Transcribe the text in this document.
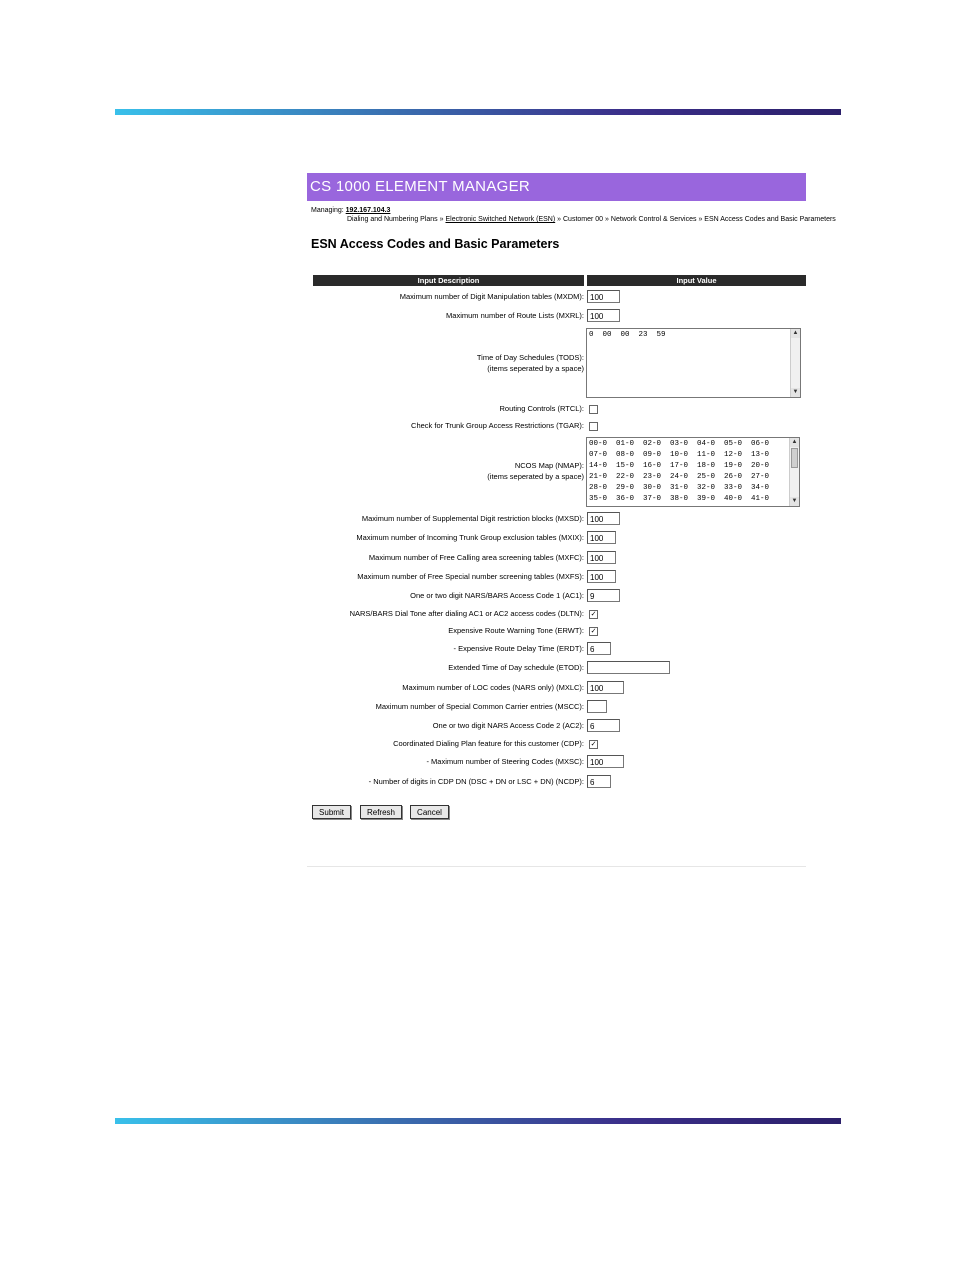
CS 1000 ELEMENT MANAGER
Managing: 192.167.104.3
Dialing and Numbering Plans » Electronic Switched Network (ESN) » Customer 00 » Network Control & Services » ESN Access Codes and Basic Parameters
ESN Access Codes and Basic Parameters
Input Description	Input Value
Maximum number of Digit Manipulation tables (MXDM): 100
Maximum number of Route Lists (MXRL): 100
Time of Day Schedules (TODS):
(items seperated by a space)
0  00  00  23  59	▲
▼
Routing Controls (RTCL):
Check for Trunk Group Access Restrictions (TGAR):
NCOS Map (NMAP):
(items seperated by a space)
00-0  01-0  02-0  03-0  04-0  05-0  06-0
07-0  08-0  09-0  10-0  11-0  12-0  13-0
14-0  15-0  16-0  17-0  18-0  19-0  20-0
21-0  22-0  23-0  24-0  25-0  26-0  27-0
28-0  29-0  30-0  31-0  32-0  33-0  34-0
35-0  36-0  37-0  38-0  39-0  40-0  41-0
▲
▼
Maximum number of Supplemental Digit restriction blocks (MXSD): 100
Maximum number of Incoming Trunk Group exclusion tables (MXIX): 100
Maximum number of Free Calling area screening tables (MXFC): 100
Maximum number of Free Special number screening tables (MXFS): 100
One or two digit NARS/BARS Access Code 1 (AC1): 9
NARS/BARS Dial Tone after dialing AC1 or AC2 access codes (DLTN): ✓
Expensive Route Warning Tone (ERWT): ✓
- Expensive Route Delay Time (ERDT): 6
Extended Time of Day schedule (ETOD):
Maximum number of LOC codes (NARS only) (MXLC): 100
Maximum number of Special Common Carrier entries (MSCC):
One or two digit NARS Access Code 2 (AC2): 6
Coordinated Dialing Plan feature for this customer (CDP): ✓
- Maximum number of Steering Codes (MXSC): 100
- Number of digits in CDP DN (DSC + DN or LSC + DN) (NCDP): 6
Submit	Refresh	Cancel
